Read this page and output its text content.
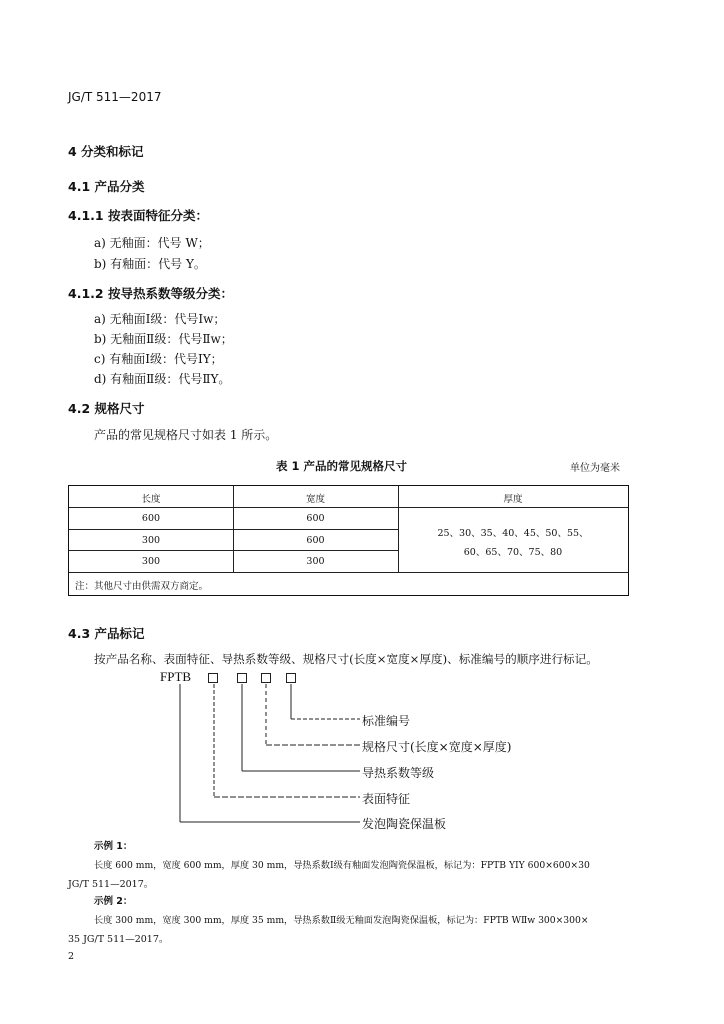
JG/T 511—2017
4 分类和标记
4.1 产品分类
4.1.1 按表面特征分类：
a) 无釉面：代号 W；
b) 有釉面：代号 Y。
4.1.2 按导热系数等级分类：
a) 无釉面Ⅰ级：代号Ⅰw；
b) 无釉面Ⅱ级：代号Ⅱw；
c) 有釉面Ⅰ级：代号ⅠY；
d) 有釉面Ⅱ级：代号ⅡY。
4.2 规格尺寸
产品的常见规格尺寸如表 1 所示。
表 1 产品的常见规格尺寸	单位为毫米
长度	宽度	厚度
600	600
300	600
300	300
25、30、35、40、45、50、55、
60、65、70、75、80
注：其他尺寸由供需双方商定。
4.3 产品标记
按产品名称、表面特征、导热系数等级、规格尺寸(长度×宽度×厚度)、标准编号的顺序进行标记。
FPTB
标准编号
规格尺寸(长度×宽度×厚度)
导热系数等级
表面特征
发泡陶瓷保温板
示例 1：
长度 600 mm，宽度 600 mm，厚度 30 mm，导热系数Ⅰ级有釉面发泡陶瓷保温板，标记为：FPTB YⅠY 600×600×30
JG/T 511—2017。
示例 2：
长度 300 mm，宽度 300 mm，厚度 35 mm，导热系数Ⅱ级无釉面发泡陶瓷保温板，标记为：FPTB WⅡw 300×300×
35 JG/T 511—2017。
2
